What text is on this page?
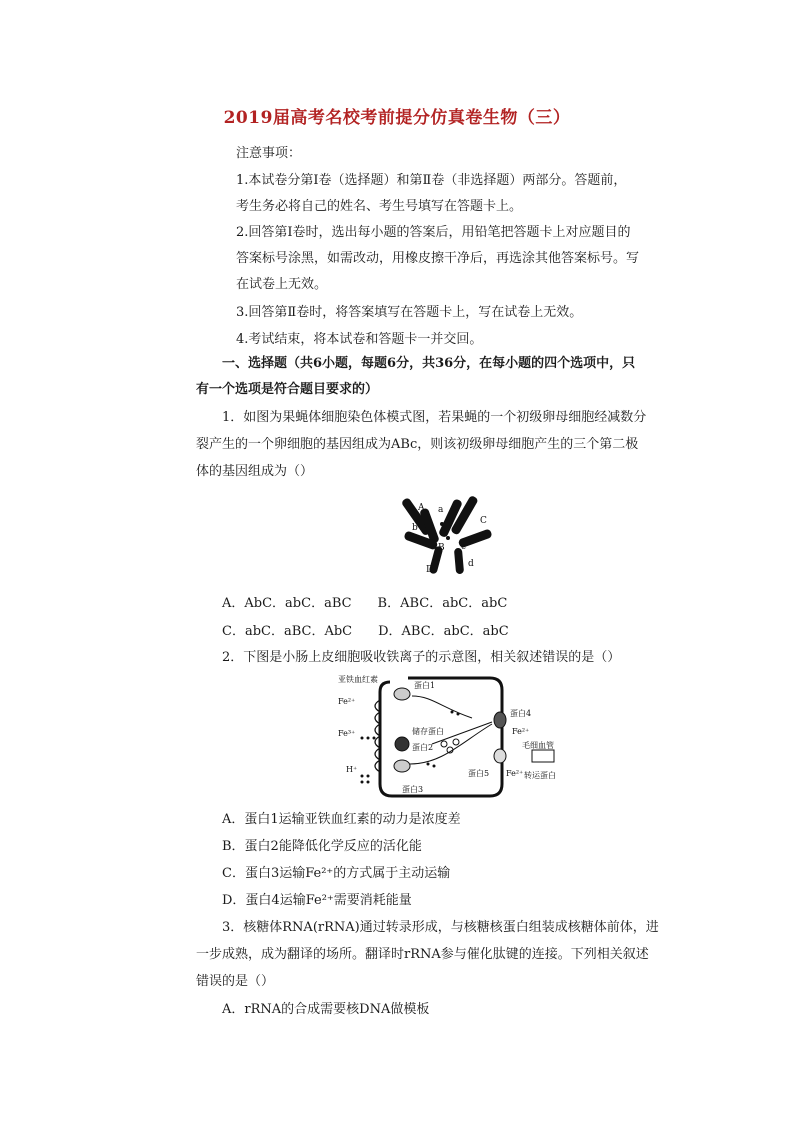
2019届高考名校考前提分仿真卷生物（三）
注意事项：
1.本试卷分第Ⅰ卷（选择题）和第Ⅱ卷（非选择题）两部分。答题前，
考生务必将自己的姓名、考生号填写在答题卡上。
2.回答第Ⅰ卷时，选出每小题的答案后，用铅笔把答题卡上对应题目的
答案标号涂黑，如需改动，用橡皮擦干净后，再选涂其他答案标号。写
在试卷上无效。
3.回答第Ⅱ卷时，将答案填写在答题卡上，写在试卷上无效。
4.考试结束，将本试卷和答题卡一并交回。
一、选择题（共6小题，每题6分，共36分，在每小题的四个选项中，只
有一个选项是符合题目要求的）
1．如图为果蝇体细胞染色体模式图，若果蝇的一个初级卵母细胞经减数分
裂产生的一个卵细胞的基因组成为ABc，则该初级卵母细胞产生的三个第二极
体的基因组成为（）
A a
b
B
C
c
D
d
A．AbC．abC．aBC　　B．ABC．abC．abC
C．abC．aBC．AbC　　D．ABC．abC．abC
2．下图是小肠上皮细胞吸收铁离子的示意图，相关叙述错误的是（）
亚铁血红素
Fe²⁺
Fe³⁺
H⁺
蛋白1
储存蛋白
蛋白2
蛋白3
蛋白4
蛋白5
Fe²⁺
毛细血管
Fe²⁺ 转运蛋白
A．蛋白1运输亚铁血红素的动力是浓度差
B．蛋白2能降低化学反应的活化能
C．蛋白3运输Fe²⁺的方式属于主动运输
D．蛋白4运输Fe²⁺需要消耗能量
3．核糖体RNA(rRNA)通过转录形成，与核糖核蛋白组装成核糖体前体，进
一步成熟，成为翻译的场所。翻译时rRNA参与催化肽键的连接。下列相关叙述
错误的是（）
A．rRNA的合成需要核DNA做模板
